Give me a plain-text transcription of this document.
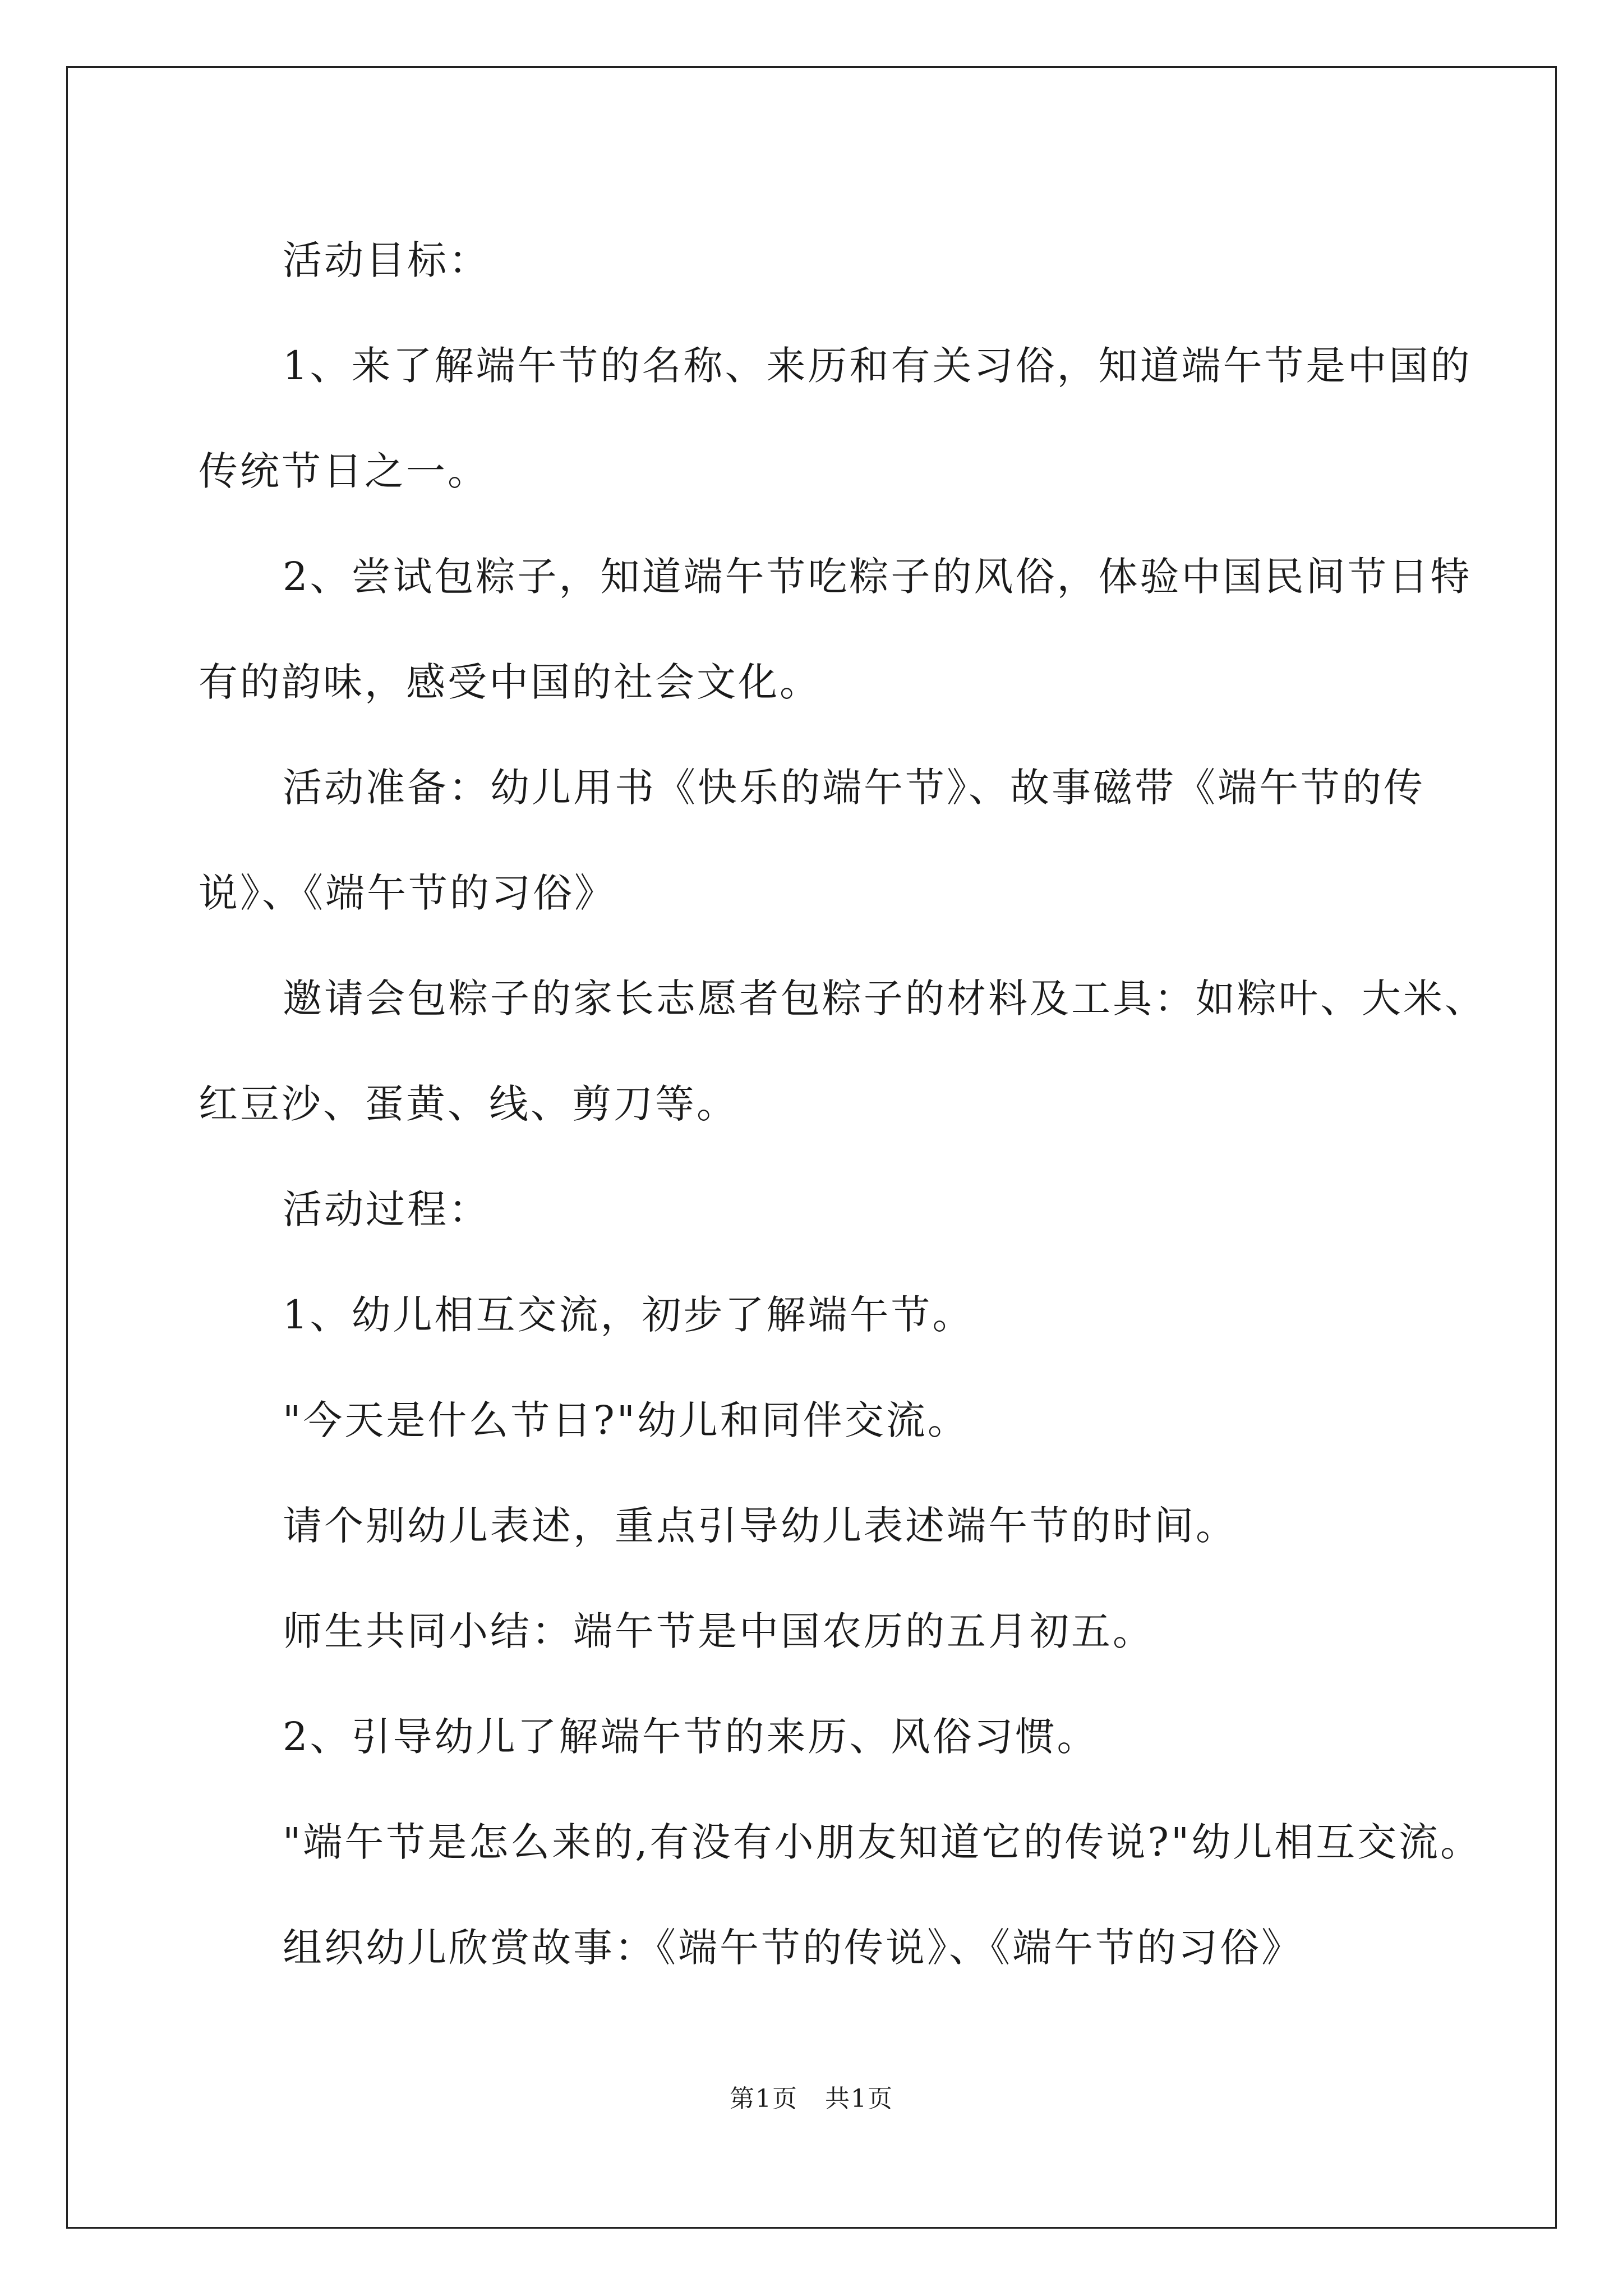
活动目标：

1、来了解端午节的名称、来历和有关习俗，知道端午节是中国的
传统节日之一。

2、尝试包粽子，知道端午节吃粽子的风俗，体验中国民间节日特
有的韵味，感受中国的社会文化。

活动准备：幼儿用书《快乐的端午节》、故事磁带《端午节的传
说》、《端午节的习俗》

邀请会包粽子的家长志愿者包粽子的材料及工具：如粽叶、大米、
红豆沙、蛋黄、线、剪刀等。

活动过程：

1、幼儿相互交流，初步了解端午节。

"今天是什么节日?"幼儿和同伴交流。

请个别幼儿表述，重点引导幼儿表述端午节的时间。

师生共同小结：端午节是中国农历的五月初五。

2、引导幼儿了解端午节的来历、风俗习惯。

"端午节是怎么来的,有没有小朋友知道它的传说?"幼儿相互交流。

组织幼儿欣赏故事：《端午节的传说》、《端午节的习俗》

第1页   共1页
